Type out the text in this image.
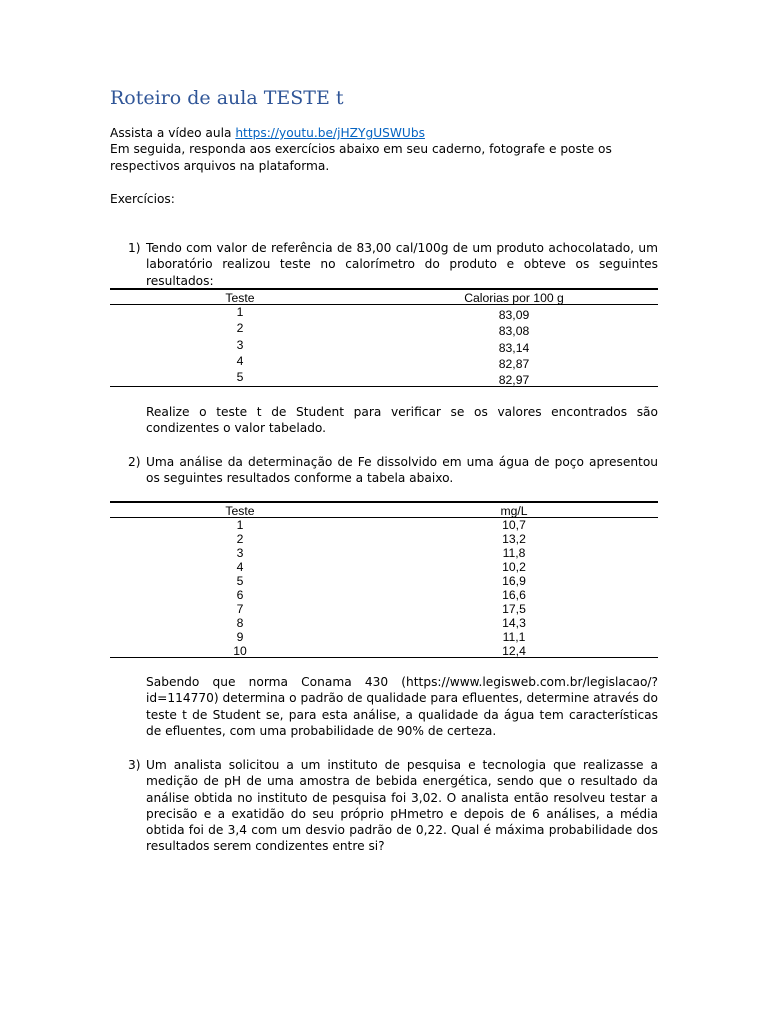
Roteiro de aula TESTE t
Assista a vídeo aula https://youtu.be/jHZYgUSWUbs
Em seguida, responda aos exercícios abaixo em seu caderno, fotografe e poste os respectivos arquivos na plataforma.
Exercícios:
1) Tendo com valor de referência de 83,00 cal/100g de um produto achocolatado, um laboratório realizou teste no calorímetro do produto e obteve os seguintes resultados:
Teste	Calorias por 100 g
1	83,09
2	83,08
3	83,14
4	82,87
5	82,97
Realize o teste t de Student para verificar se os valores encontrados são condizentes o valor tabelado.
2) Uma análise da determinação de Fe dissolvido em uma água de poço apresentou os seguintes resultados conforme a tabela abaixo.
Teste	mg/L
1	10,7
2	13,2
3	11,8
4	10,2
5	16,9
6	16,6
7	17,5
8	14,3
9	11,1
10	12,4
Sabendo que norma Conama 430 (https://www.legisweb.com.br/legislacao/?id=114770) determina o padrão de qualidade para efluentes, determine através do teste t de Student se, para esta análise, a qualidade da água tem características de efluentes, com uma probabilidade de 90% de certeza.
3) Um analista solicitou a um instituto de pesquisa e tecnologia que realizasse a medição de pH de uma amostra de bebida energética, sendo que o resultado da análise obtida no instituto de pesquisa foi 3,02. O analista então resolveu testar a precisão e a exatidão do seu próprio pHmetro e depois de 6 análises, a média obtida foi de 3,4 com um desvio padrão de 0,22. Qual é máxima probabilidade dos resultados serem condizentes entre si?
